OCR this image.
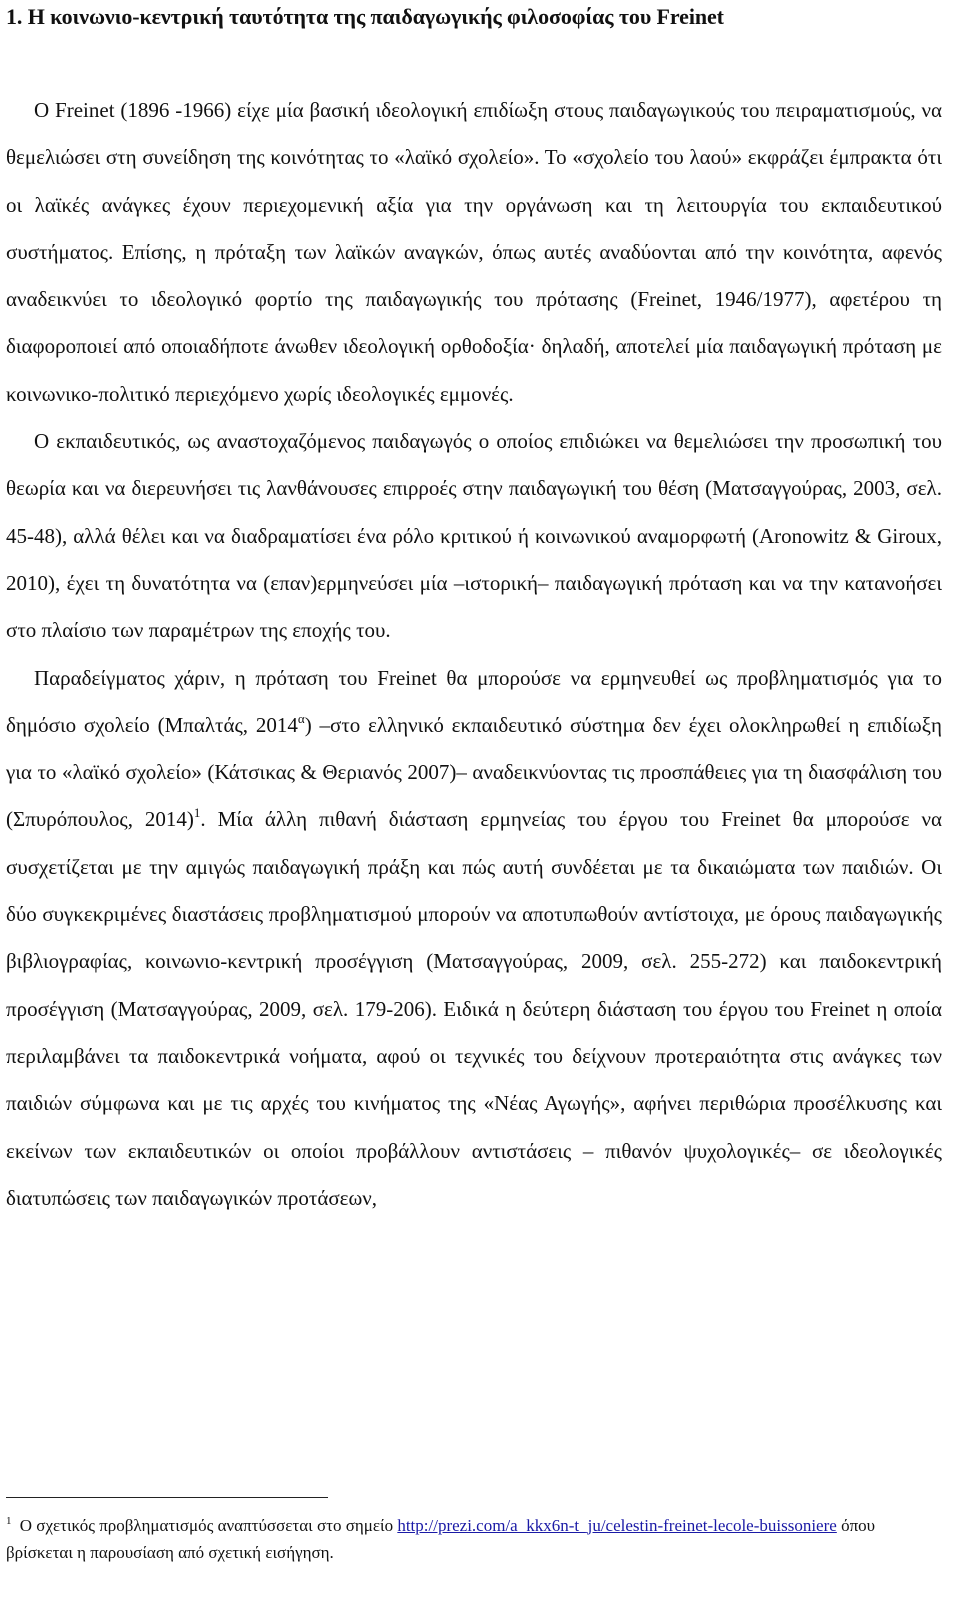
1. Η κοινωνιο-κεντρική ταυτότητα της παιδαγωγικής φιλοσοφίας του Freinet

Ο Freinet (1896 -1966) είχε μία βασική ιδεολογική επιδίωξη στους παιδαγωγικούς του πειραματισμούς, να θεμελιώσει στη συνείδηση της κοινότητας το «λαϊκό σχολείο». Το «σχολείο του λαού» εκφράζει έμπρακτα ότι οι λαϊκές ανάγκες έχουν περιεχομενική αξία για την οργάνωση και τη λειτουργία του εκπαιδευτικού συστήματος. Επίσης, η πρόταξη των λαϊκών αναγκών, όπως αυτές αναδύονται από την κοινότητα, αφενός αναδεικνύει το ιδεολογικό φορτίο της παιδαγωγικής του πρότασης (Freinet, 1946/1977), αφετέρου τη διαφοροποιεί από οποιαδήποτε άνωθεν ιδεολογική ορθοδοξία· δηλαδή, αποτελεί μία παιδαγωγική πρόταση με κοινωνικο-πολιτικό περιεχόμενο χωρίς ιδεολογικές εμμονές.

Ο εκπαιδευτικός, ως αναστοχαζόμενος παιδαγωγός ο οποίος επιδιώκει να θεμελιώσει την προσωπική του θεωρία και να διερευνήσει τις λανθάνουσες επιρροές στην παιδαγωγική του θέση (Ματσαγγούρας, 2003, σελ. 45-48), αλλά θέλει και να διαδραματίσει ένα ρόλο κριτικού ή κοινωνικού αναμορφωτή (Aronowitz & Giroux, 2010), έχει τη δυνατότητα να (επαν)ερμηνεύσει μία –ιστορική– παιδαγωγική πρόταση και να την κατανοήσει στο πλαίσιο των παραμέτρων της εποχής του.

Παραδείγματος χάριν, η πρόταση του Freinet θα μπορούσε να ερμηνευθεί ως προβληματισμός για το δημόσιο σχολείο (Μπαλτάς, $2014^\alpha$) –στο ελληνικό εκπαιδευτικό σύστημα δεν έχει ολοκληρωθεί η επιδίωξη για το «λαϊκό σχολείο» (Κάτσικας & Θεριανός 2007)– αναδεικνύοντας τις προσπάθειες για τη διασφάλιση του (Σπυρόπουλος, 2014)$^1$. Μία άλλη πιθανή διάσταση ερμηνείας του έργου του Freinet θα μπορούσε να συσχετίζεται με την αμιγώς παιδαγωγική πράξη και πώς αυτή συνδέεται με τα δικαιώματα των παιδιών. Οι δύο συγκεκριμένες διαστάσεις προβληματισμού μπορούν να αποτυπωθούν αντίστοιχα, με όρους παιδαγωγικής βιβλιογραφίας, κοινωνιο-κεντρική προσέγγιση (Ματσαγγούρας, 2009, σελ. 255-272) και παιδοκεντρική προσέγγιση (Ματσαγγούρας, 2009, σελ. 179-206). Ειδικά η δεύτερη διάσταση του έργου του Freinet η οποία περιλαμβάνει τα παιδοκεντρικά νοήματα, αφού οι τεχνικές του δείχνουν προτεραιότητα στις ανάγκες των παιδιών σύμφωνα και με τις αρχές του κινήματος της «Νέας Αγωγής», αφήνει περιθώρια προσέλκυσης και εκείνων των εκπαιδευτικών οι οποίοι προβάλλουν αντιστάσεις – πιθανόν ψυχολογικές– σε ιδεολογικές διατυπώσεις των παιδαγωγικών προτάσεων,

$^1$ Ο σχετικός προβληματισμός αναπτύσσεται στο σημείο http://prezi.com/a_kkx6n-t_ju/celestin-freinet-lecole-buissoniere όπου βρίσκεται η παρουσίαση από σχετική εισήγηση.
